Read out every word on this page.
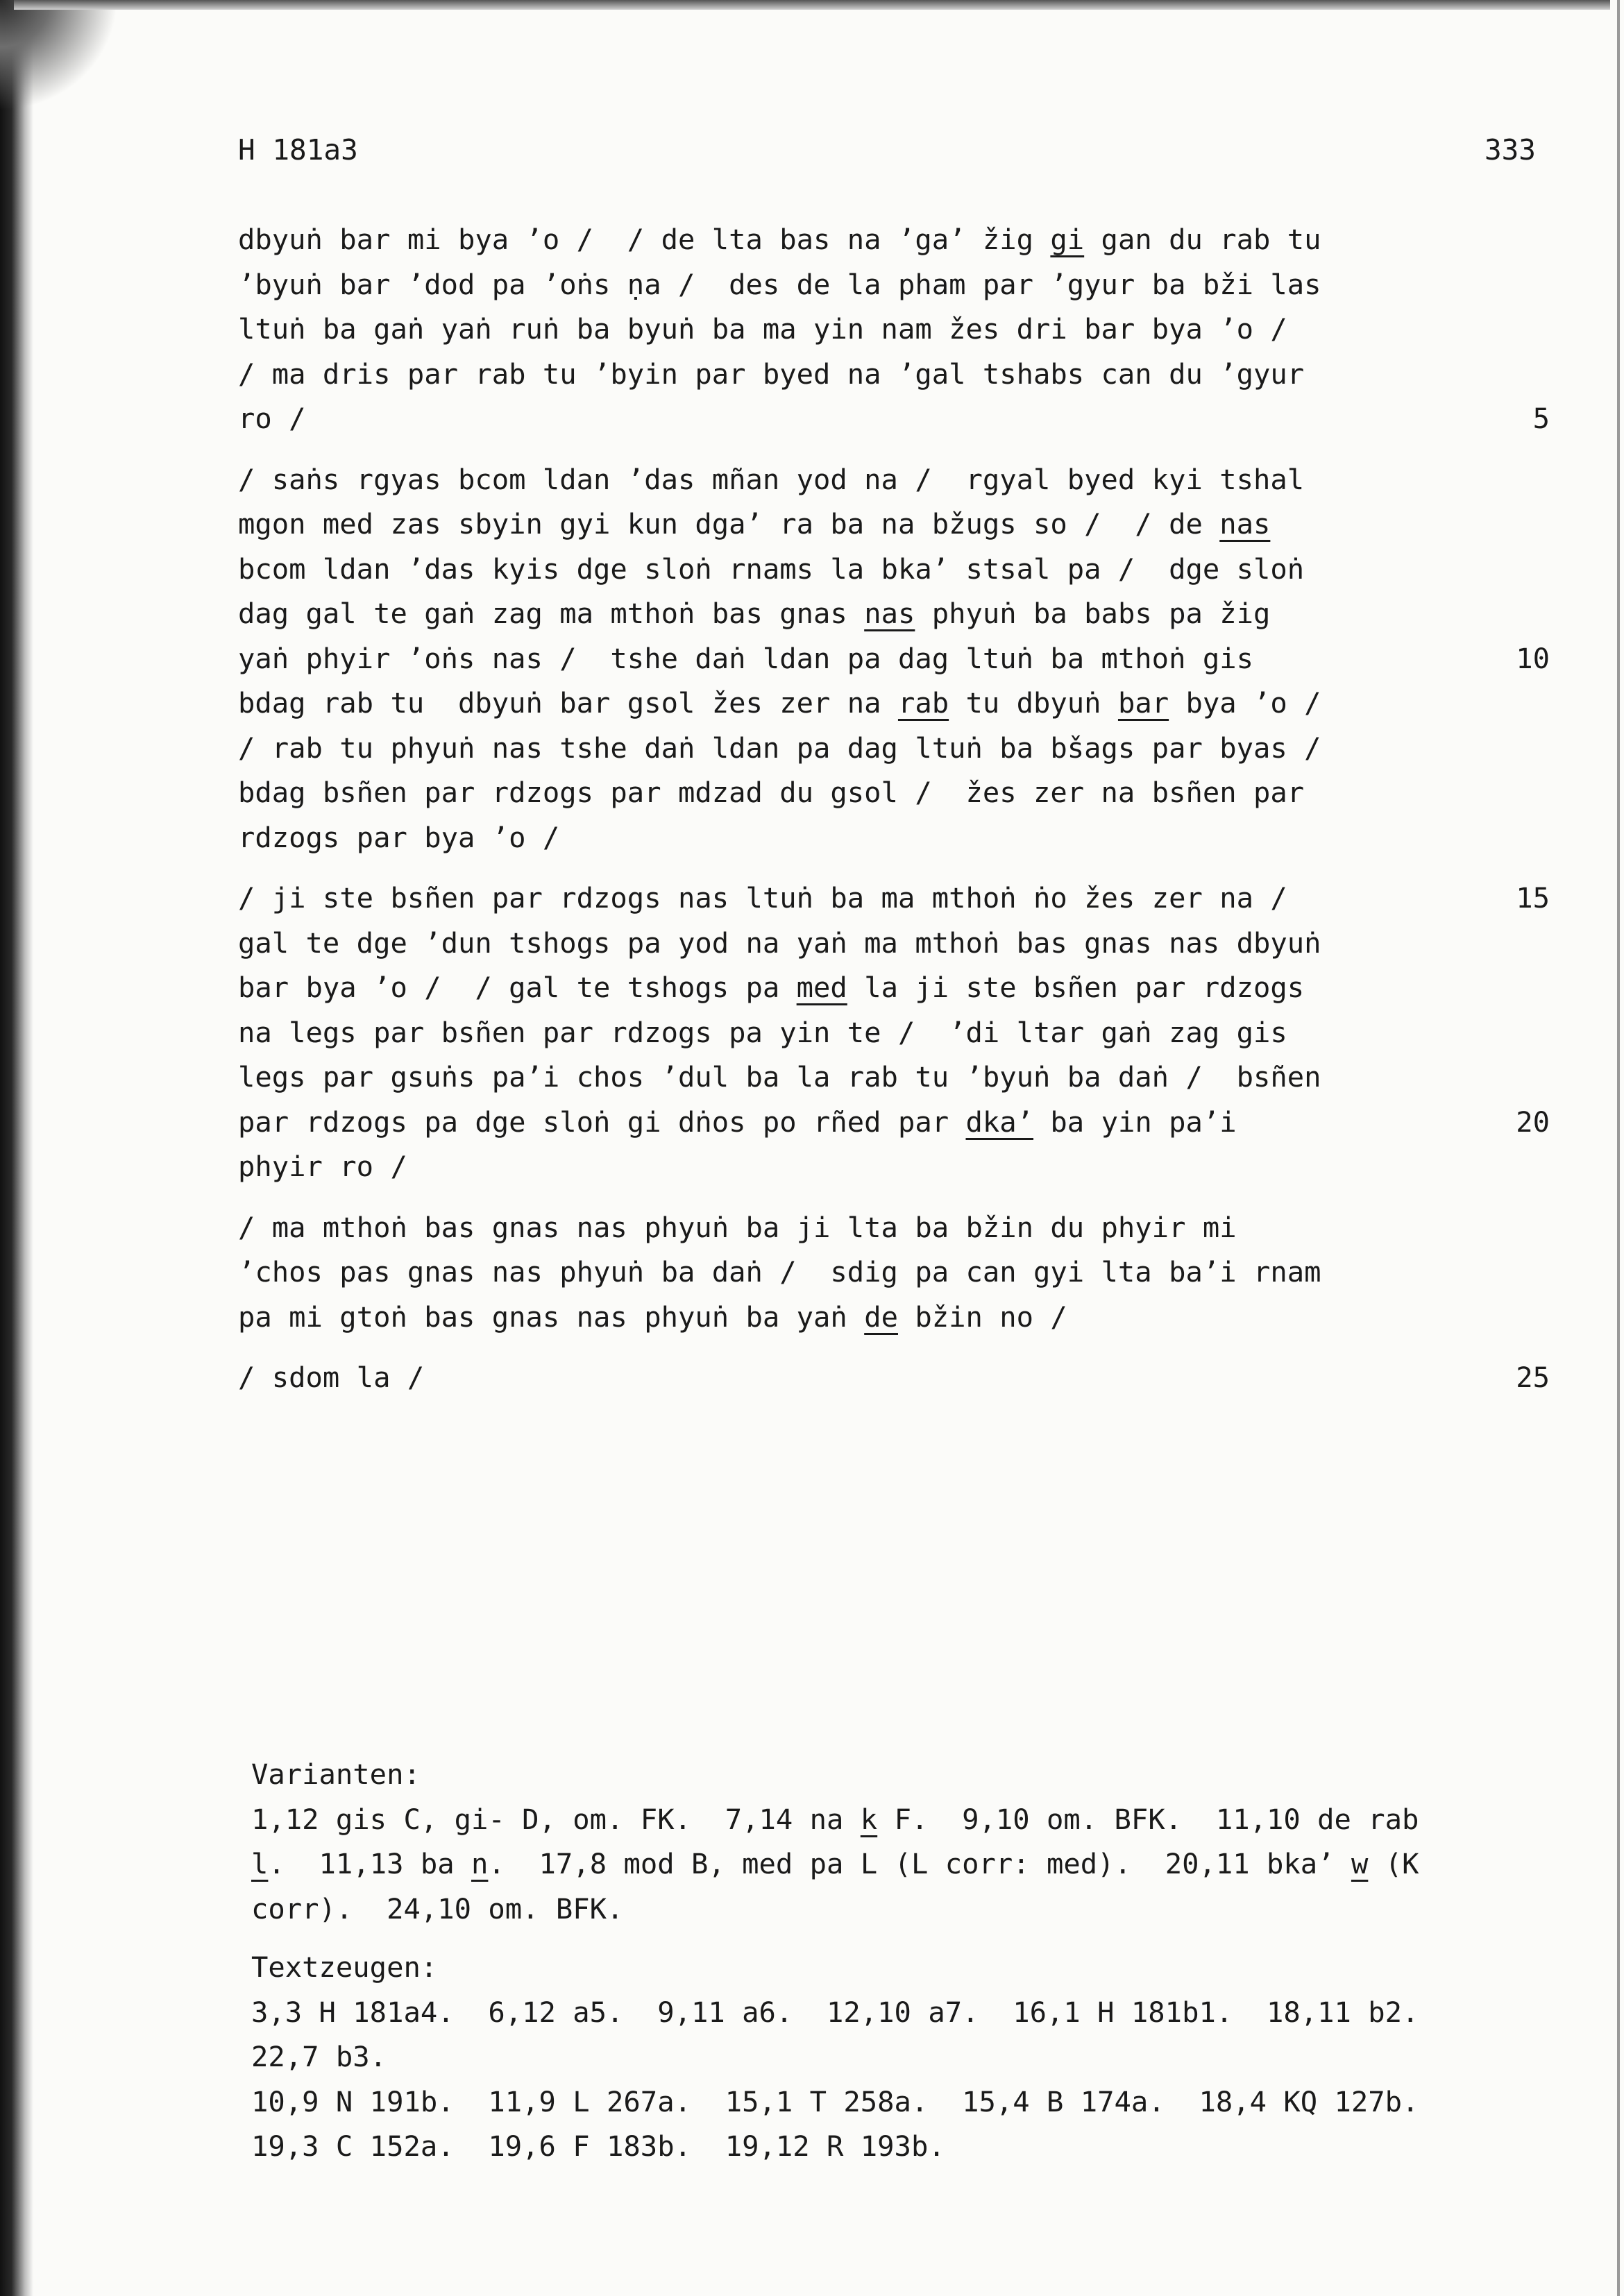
H 181a3	333
dbyuṅ bar mi bya ’o /  / de lta bas na ’ga’ žig gi gan du rab tu
’byuṅ bar ’dod pa ’oṅs ṇa /  des de la pham par ’gyur ba bži las
ltuṅ ba gaṅ yaṅ ruṅ ba byuṅ ba ma yin nam žes dri bar bya ’o /
/ ma dris par rab tu ’byin par byed na ’gal tshabs can du ’gyur
ro /	5
/ saṅs rgyas bcom ldan ’das mñan yod na /  rgyal byed kyi tshal
mgon med zas sbyin gyi kun dga’ ra ba na bžugs so /  / de nas
bcom ldan ’das kyis dge sloṅ rnams la bka’ stsal pa /  dge sloṅ
dag gal te gaṅ zag ma mthoṅ bas gnas nas phyuṅ ba babs pa žig
yaṅ phyir ’oṅs nas /  tshe daṅ ldan pa dag ltuṅ ba mthoṅ gis	10
bdag rab tu  dbyuṅ bar gsol žes zer na rab tu dbyuṅ bar bya ’o /
/ rab tu phyuṅ nas tshe daṅ ldan pa dag ltuṅ ba bšags par byas /
bdag bsñen par rdzogs par mdzad du gsol /  žes zer na bsñen par
rdzogs par bya ’o /
/ ji ste bsñen par rdzogs nas ltuṅ ba ma mthoṅ ṅo žes zer na /	15
gal te dge ’dun tshogs pa yod na yaṅ ma mthoṅ bas gnas nas dbyuṅ
bar bya ’o /  / gal te tshogs pa med la ji ste bsñen par rdzogs
na legs par bsñen par rdzogs pa yin te /  ’di ltar gaṅ zag gis
legs par gsuṅs pa’i chos ’dul ba la rab tu ’byuṅ ba daṅ /  bsñen
par rdzogs pa dge sloṅ gi dṅos po rñed par dka’ ba yin pa’i	20
phyir ro /
/ ma mthoṅ bas gnas nas phyuṅ ba ji lta ba bžin du phyir mi
’chos pas gnas nas phyuṅ ba daṅ /  sdig pa can gyi lta ba’i rnam
pa mi gtoṅ bas gnas nas phyuṅ ba yaṅ de bžin no /
/ sdom la /	25
Varianten:
1,12 gis C, gi- D, om. FK.  7,14 na k F.  9,10 om. BFK.  11,10 de rab
l.  11,13 ba n.  17,8 mod B, med pa L (L corr: med).  20,11 bka’ w (K
corr).  24,10 om. BFK.
Textzeugen:
3,3 H 181a4.  6,12 a5.  9,11 a6.  12,10 a7.  16,1 H 181b1.  18,11 b2.
22,7 b3.
10,9 N 191b.  11,9 L 267a.  15,1 T 258a.  15,4 B 174a.  18,4 KQ 127b.
19,3 C 152a.  19,6 F 183b.  19,12 R 193b.
